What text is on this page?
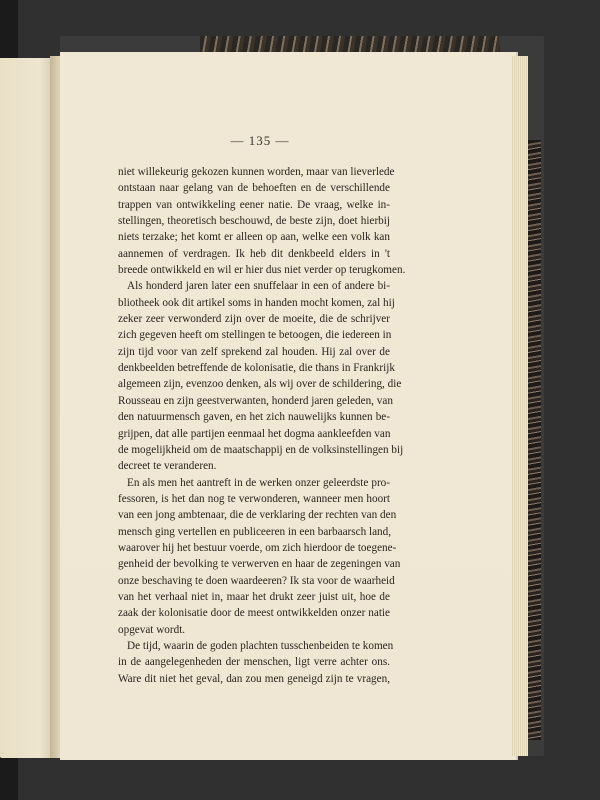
— 135 —
niet willekeurig gekozen kunnen worden, maar van lieverlede
ontstaan naar gelang van de behoeften en de verschillende
trappen van ontwikkeling eener natie. De vraag, welke in-
stellingen, theoretisch beschouwd, de beste zijn, doet hierbij
niets terzake; het komt er alleen op aan, welke een volk kan
aannemen of verdragen. Ik heb dit denkbeeld elders in 't
breede ontwikkeld en wil er hier dus niet verder op terugkomen.
Als honderd jaren later een snuffelaar in een of andere bi-
bliotheek ook dit artikel soms in handen mocht komen, zal hij
zeker zeer verwonderd zijn over de moeite, die de schrijver
zich gegeven heeft om stellingen te betoogen, die iedereen in
zijn tijd voor van zelf sprekend zal houden. Hij zal over de
denkbeelden betreffende de kolonisatie, die thans in Frankrijk
algemeen zijn, evenzoo denken, als wij over de schildering, die
Rousseau en zijn geestverwanten, honderd jaren geleden, van
den natuurmensch gaven, en het zich nauwelijks kunnen be-
grijpen, dat alle partijen eenmaal het dogma aankleefden van
de mogelijkheid om de maatschappij en de volksinstellingen bij
decreet te veranderen.
En als men het aantreft in de werken onzer geleerdste pro-
fessoren, is het dan nog te verwonderen, wanneer men hoort
van een jong ambtenaar, die de verklaring der rechten van den
mensch ging vertellen en publiceeren in een barbaarsch land,
waarover hij het bestuur voerde, om zich hierdoor de toegene-
genheid der bevolking te verwerven en haar de zegeningen van
onze beschaving te doen waardeeren? Ik sta voor de waarheid
van het verhaal niet in, maar het drukt zeer juist uit, hoe de
zaak der kolonisatie door de meest ontwikkelden onzer natie
opgevat wordt.
De tijd, waarin de goden plachten tusschenbeiden te komen
in de aangelegenheden der menschen, ligt verre achter ons.
Ware dit niet het geval, dan zou men geneigd zijn te vragen,
